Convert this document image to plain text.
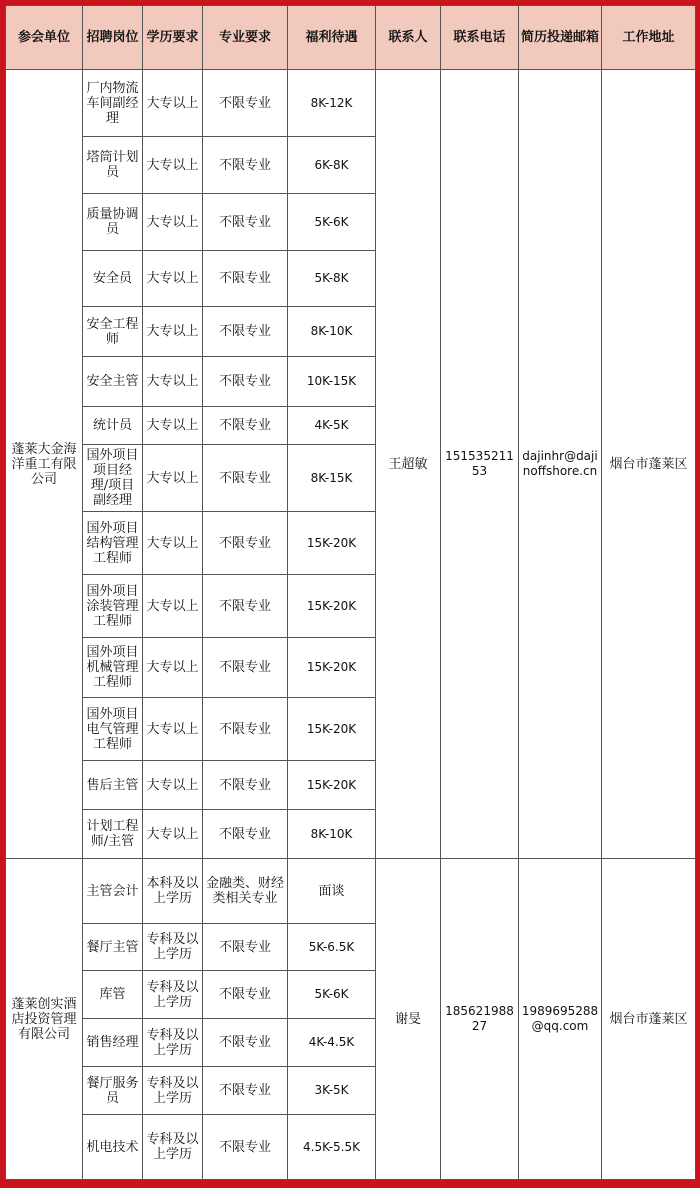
参会单位	招聘岗位	学历要求	专业要求	福利待遇	联系人	联系电话	简历投递邮箱	工作地址
蓬莱大金海洋重工有限公司	厂内物流车间副经理	大专以上	不限专业	8K-12K	王超敏	15153521153	dajinhr@dajinoffshore.cn	烟台市蓬莱区
	塔筒计划员	大专以上	不限专业	6K-8K				
	质量协调员	大专以上	不限专业	5K-6K				
	安全员	大专以上	不限专业	5K-8K				
	安全工程师	大专以上	不限专业	8K-10K				
	安全主管	大专以上	不限专业	10K-15K				
	统计员	大专以上	不限专业	4K-5K				
	国外项目项目经理/项目副经理	大专以上	不限专业	8K-15K				
	国外项目结构管理工程师	大专以上	不限专业	15K-20K				
	国外项目涂装管理工程师	大专以上	不限专业	15K-20K				
	国外项目机械管理工程师	大专以上	不限专业	15K-20K				
	国外项目电气管理工程师	大专以上	不限专业	15K-20K				
	售后主管	大专以上	不限专业	15K-20K				
	计划工程师/主管	大专以上	不限专业	8K-10K				
蓬莱创实酒店投资管理有限公司	主管会计	本科及以上学历	金融类、财经类相关专业	面谈	谢旻	18562198827	1989695288@qq.com	烟台市蓬莱区
	餐厅主管	专科及以上学历	不限专业	5K-6.5K				
	库管	专科及以上学历	不限专业	5K-6K				
	销售经理	专科及以上学历	不限专业	4K-4.5K				
	餐厅服务员	专科及以上学历	不限专业	3K-5K				
	机电技术	专科及以上学历	不限专业	4.5K-5.5K				
